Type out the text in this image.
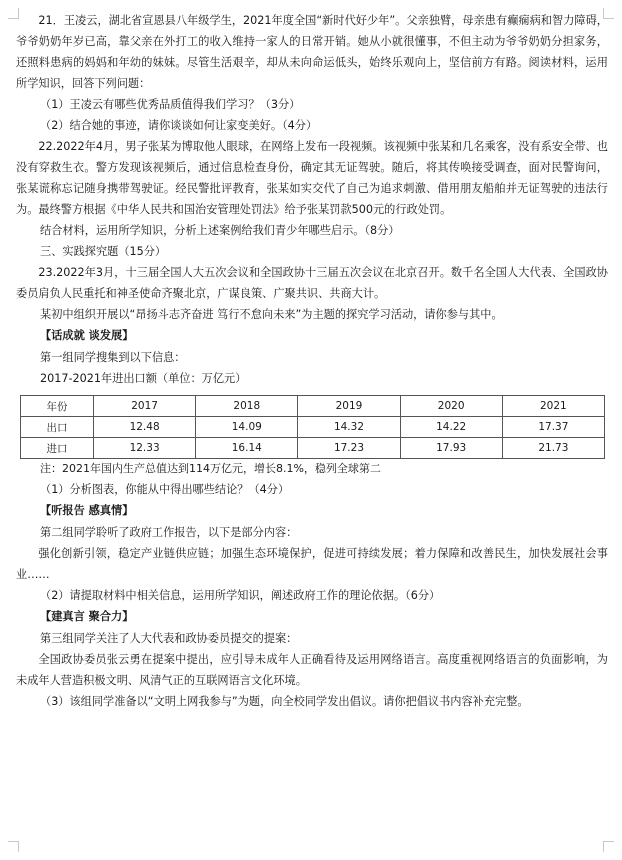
21．王凌云，湖北省宣恩县八年级学生，2021年度全国“新时代好少年”。父亲独臂，母亲患有癫痫病和智力障碍，爷爷奶奶年岁已高，靠父亲在外打工的收入维持一家人的日常开销。她从小就很懂事，不但主动为爷爷奶奶分担家务，还照料患病的妈妈和年幼的妹妹。尽管生活艰辛，却从未向命运低头，始终乐观向上，坚信前方有路。阅读材料，运用所学知识，回答下列问题：

（1）王凌云有哪些优秀品质值得我们学习？（3分）

（2）结合她的事迹，请你谈谈如何让家变美好。（4分）

22.2022年4月，男子张某为博取他人眼球，在网络上发布一段视频。该视频中张某和几名乘客，没有系安全带、也没有穿救生衣。警方发现该视频后，通过信息检查身份，确定其无证驾驶。随后，将其传唤接受调查，面对民警询问，张某谎称忘记随身携带驾驶证。经民警批评教育，张某如实交代了自己为追求刺激、借用朋友船舶并无证驾驶的违法行为。最终警方根据《中华人民共和国治安管理处罚法》给予张某罚款500元的行政处罚。

结合材料，运用所学知识，分析上述案例给我们青少年哪些启示。（8分）

三、实践探究题（15分）

23.2022年3月，十三届全国人大五次会议和全国政协十三届五次会议在北京召开。数千名全国人大代表、全国政协委员肩负人民重托和神圣使命齐聚北京，广谋良策、广聚共识、共商大计。

某初中组织开展以“昂扬斗志齐奋进 笃行不怠向未来”为主题的探究学习活动，请你参与其中。

【话成就 谈发展】

第一组同学搜集到以下信息：

2017-2021年进出口额（单位：万亿元）

年份	2017	2018	2019	2020	2021
出口	12.48	14.09	14.32	14.22	17.37
进口	12.33	16.14	17.23	17.93	21.73

注：2021年国内生产总值达到114万亿元，增长8.1%，稳列全球第二

（1）分析图表，你能从中得出哪些结论？（4分）

【听报告 感真情】

第二组同学聆听了政府工作报告，以下是部分内容：

强化创新引领，稳定产业链供应链；加强生态环境保护，促进可持续发展；着力保障和改善民生，加快发展社会事业……

（2）请提取材料中相关信息，运用所学知识，阐述政府工作的理论依据。（6分）

【建真言 聚合力】

第三组同学关注了人大代表和政协委员提交的提案：

全国政协委员张云勇在提案中提出，应引导未成年人正确看待及运用网络语言。高度重视网络语言的负面影响，为未成年人营造积极文明、风清气正的互联网语言文化环境。

（3）该组同学准备以“文明上网我参与”为题，向全校同学发出倡议。请你把倡议书内容补充完整。
